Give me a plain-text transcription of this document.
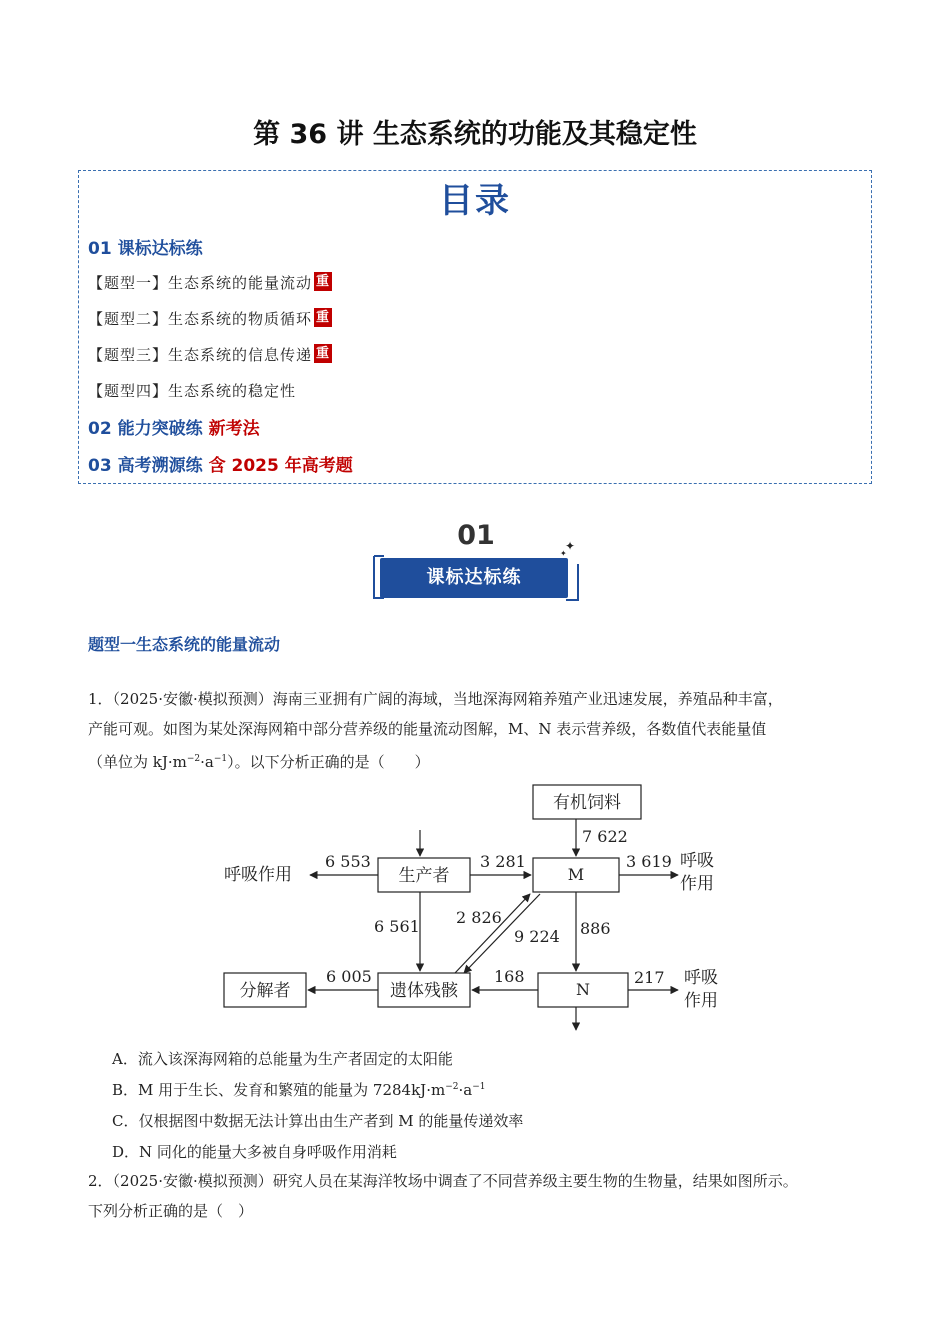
第 36 讲 生态系统的功能及其稳定性
目录
01 课标达标练
【题型一】生态系统的能量流动 重
【题型二】生态系统的物质循环 重
【题型三】生态系统的信息传递 重
【题型四】生态系统的稳定性
02 能力突破练 新考法
03 高考溯源练 含 2025 年高考题
✦
✦
01
课标达标练
题型一生态系统的能量流动
1．（2025·安徽·模拟预测）海南三亚拥有广阔的海域，当地深海网箱养殖产业迅速发展，养殖品种丰富，
产能可观。如图为某处深海网箱中部分营养级的能量流动图解，M、N 表示营养级，各数值代表能量值
（单位为 $kJ\cdot m^{-2}\cdot a^{-1}$）。以下分析正确的是（　　）
有机饲料
生产者	M
遗体残骸	N
分解者
呼吸作用
呼吸
作用
呼吸
作用
7 622
6 553	3 281	3 619
6 561 2 826
9 224 886
168	217
6 005
A．流入该深海网箱的总能量为生产者固定的太阳能
B．M 用于生长、发育和繁殖的能量为 $7284kJ\cdot m^{-2}\cdot a^{-1}$
C．仅根据图中数据无法计算出由生产者到 M 的能量传递效率
D．N 同化的能量大多被自身呼吸作用消耗
2．（2025·安徽·模拟预测）研究人员在某海洋牧场中调查了不同营养级主要生物的生物量，结果如图所示。
下列分析正确的是（　）
